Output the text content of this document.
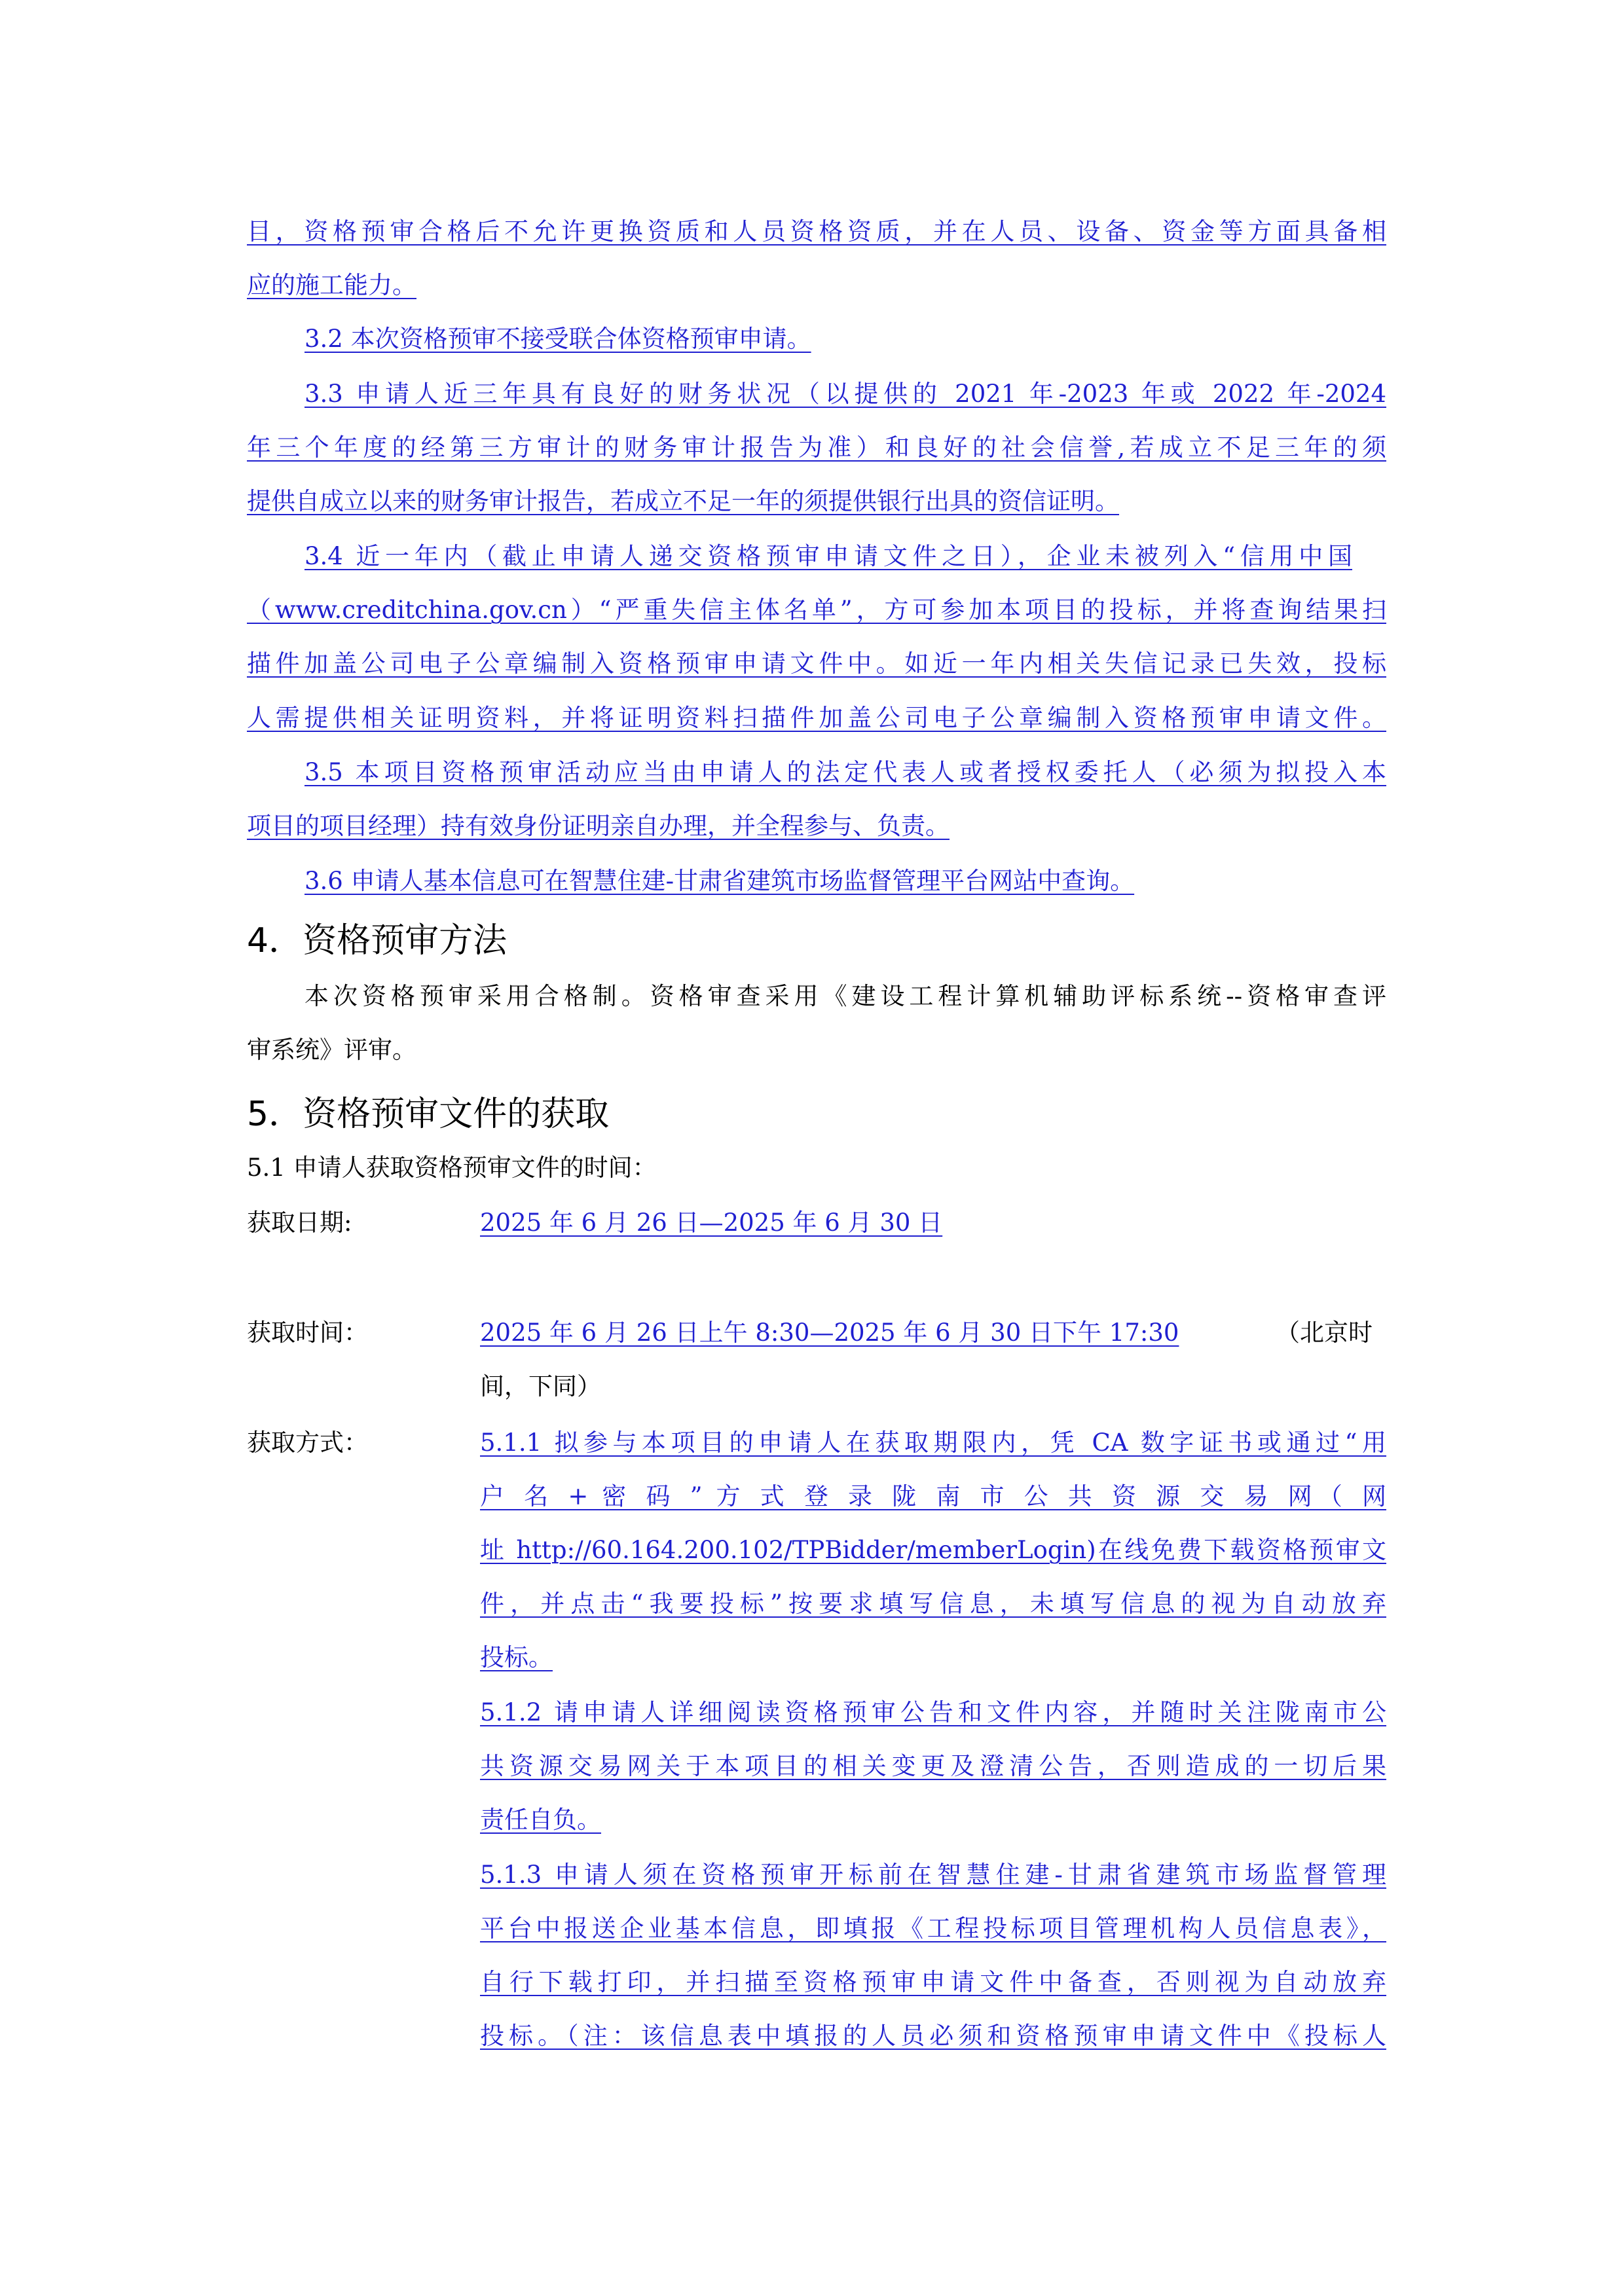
目，资格预审合格后不允许更换资质和人员资格资质，并在人员、设备、资金等方面具备相
应的施工能力。
3.2 本次资格预审不接受联合体资格预审申请。
3.3 申请人近三年具有良好的财务状况（以提供的 2021 年-2023 年或 2022 年-2024
年三个年度的经第三方审计的财务审计报告为准）和良好的社会信誉,若成立不足三年的须
提供自成立以来的财务审计报告，若成立不足一年的须提供银行出具的资信证明。
3.4 近一年内（截止申请人递交资格预审申请文件之日），企业未被列入“信用中国
（www.creditchina.gov.cn）“严重失信主体名单”，方可参加本项目的投标，并将查询结果扫
描件加盖公司电子公章编制入资格预审申请文件中。如近一年内相关失信记录已失效，投标
人需提供相关证明资料，并将证明资料扫描件加盖公司电子公章编制入资格预审申请文件。
3.5 本项目资格预审活动应当由申请人的法定代表人或者授权委托人（必须为拟投入本
项目的项目经理）持有效身份证明亲自办理，并全程参与、负责。
3.6 申请人基本信息可在智慧住建-甘肃省建筑市场监督管理平台网站中查询。
4．资格预审方法
本次资格预审采用合格制。资格审查采用《建设工程计算机辅助评标系统--资格审查评
审系统》评审。
5．资格预审文件的获取
5.1 申请人获取资格预审文件的时间：
获取日期:	2025 年 6 月 26 日—2025 年 6 月 30 日
获取时间：	2025 年 6 月 26 日上午 8:30—2025 年 6 月 30 日下午 17:30	（北京时
间，下同）
获取方式：	5.1.1 拟参与本项目的申请人在获取期限内，凭 CA 数字证书或通过“用
户 名 + 密 码 ” 方 式 登 录 陇 南 市 公 共 资 源 交 易 网（ 网
址 http://60.164.200.102/TPBidder/memberLogin)在线免费下载资格预审文
件，并点击“我要投标”按要求填写信息，未填写信息的视为自动放弃
投标。
5.1.2 请申请人详细阅读资格预审公告和文件内容，并随时关注陇南市公
共资源交易网关于本项目的相关变更及澄清公告，否则造成的一切后果
责任自负。
5.1.3 申请人须在资格预审开标前在智慧住建-甘肃省建筑市场监督管理
平台中报送企业基本信息，即填报《工程投标项目管理机构人员信息表》，
自行下载打印，并扫描至资格预审申请文件中备查，否则视为自动放弃
投标。（注：该信息表中填报的人员必须和资格预审申请文件中《投标人
